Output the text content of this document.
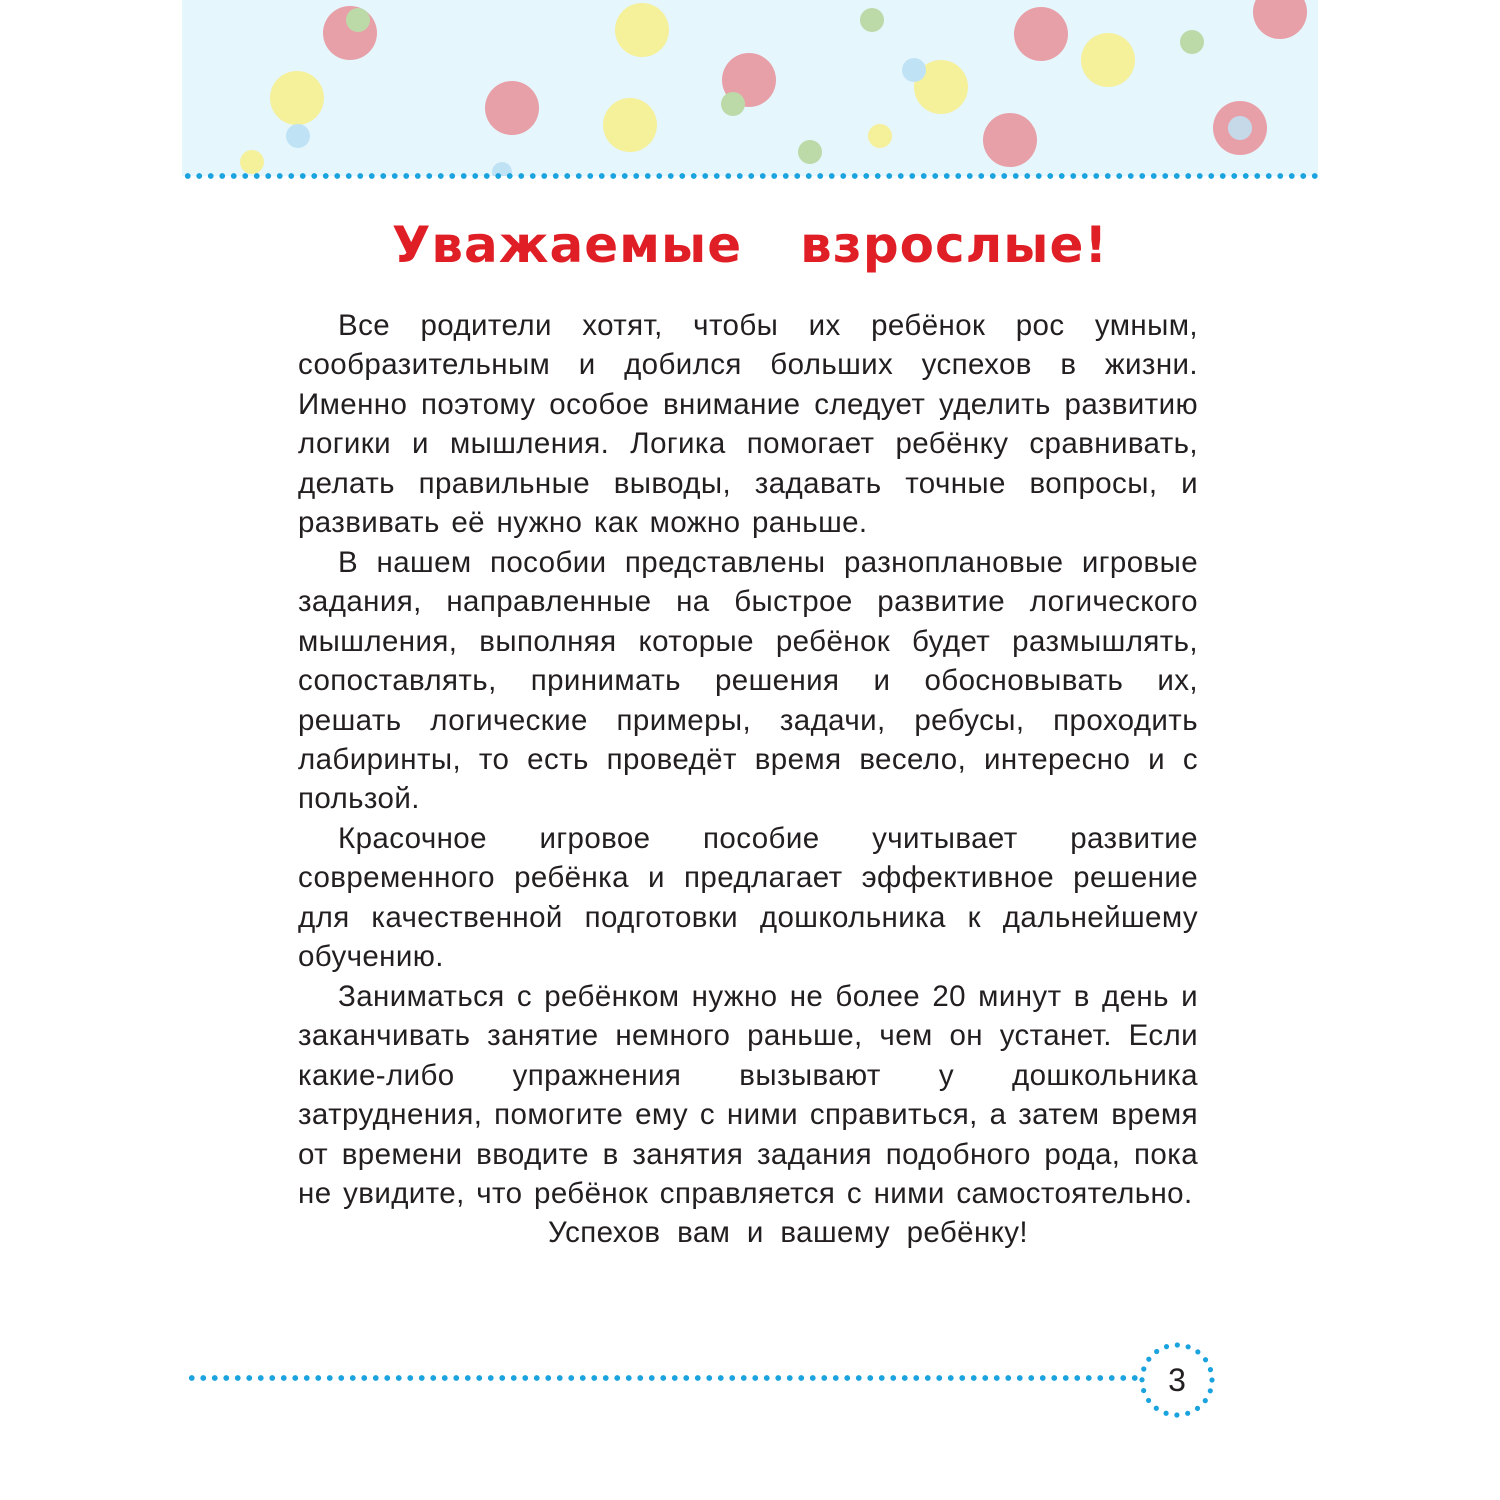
Уважаемые взрослые!

Все родители хотят, чтобы их ребёнок рос умным, сообразительным и добился больших успехов в жизни. Именно поэтому особое внимание следует уделить развитию логики и мышления. Логика помогает ребёнку сравнивать, делать правильные выводы, задавать точные вопросы, и развивать её нужно как можно раньше.

В нашем пособии представлены разноплановые игровые задания, направленные на быстрое развитие логического мышления, выполняя которые ребёнок будет размышлять, сопоставлять, принимать решения и обосновывать их, решать логические примеры, задачи, ребусы, проходить лабиринты, то есть проведёт время весело, интересно и с пользой.

Красочное игровое пособие учитывает развитие современного ребёнка и предлагает эффективное решение для качественной подготовки дошкольника к дальнейшему обучению.

Заниматься с ребёнком нужно не более 20 минут в день и заканчивать занятие немного раньше, чем он устанет. Если какие-либо упражнения вызывают у дошкольника затруднения, помогите ему с ними справиться, а затем время от времени вводите в занятия задания подобного рода, пока не увидите, что ребёнок справляется с ними самостоятельно.

Успехов вам и вашему ребёнку!

3
